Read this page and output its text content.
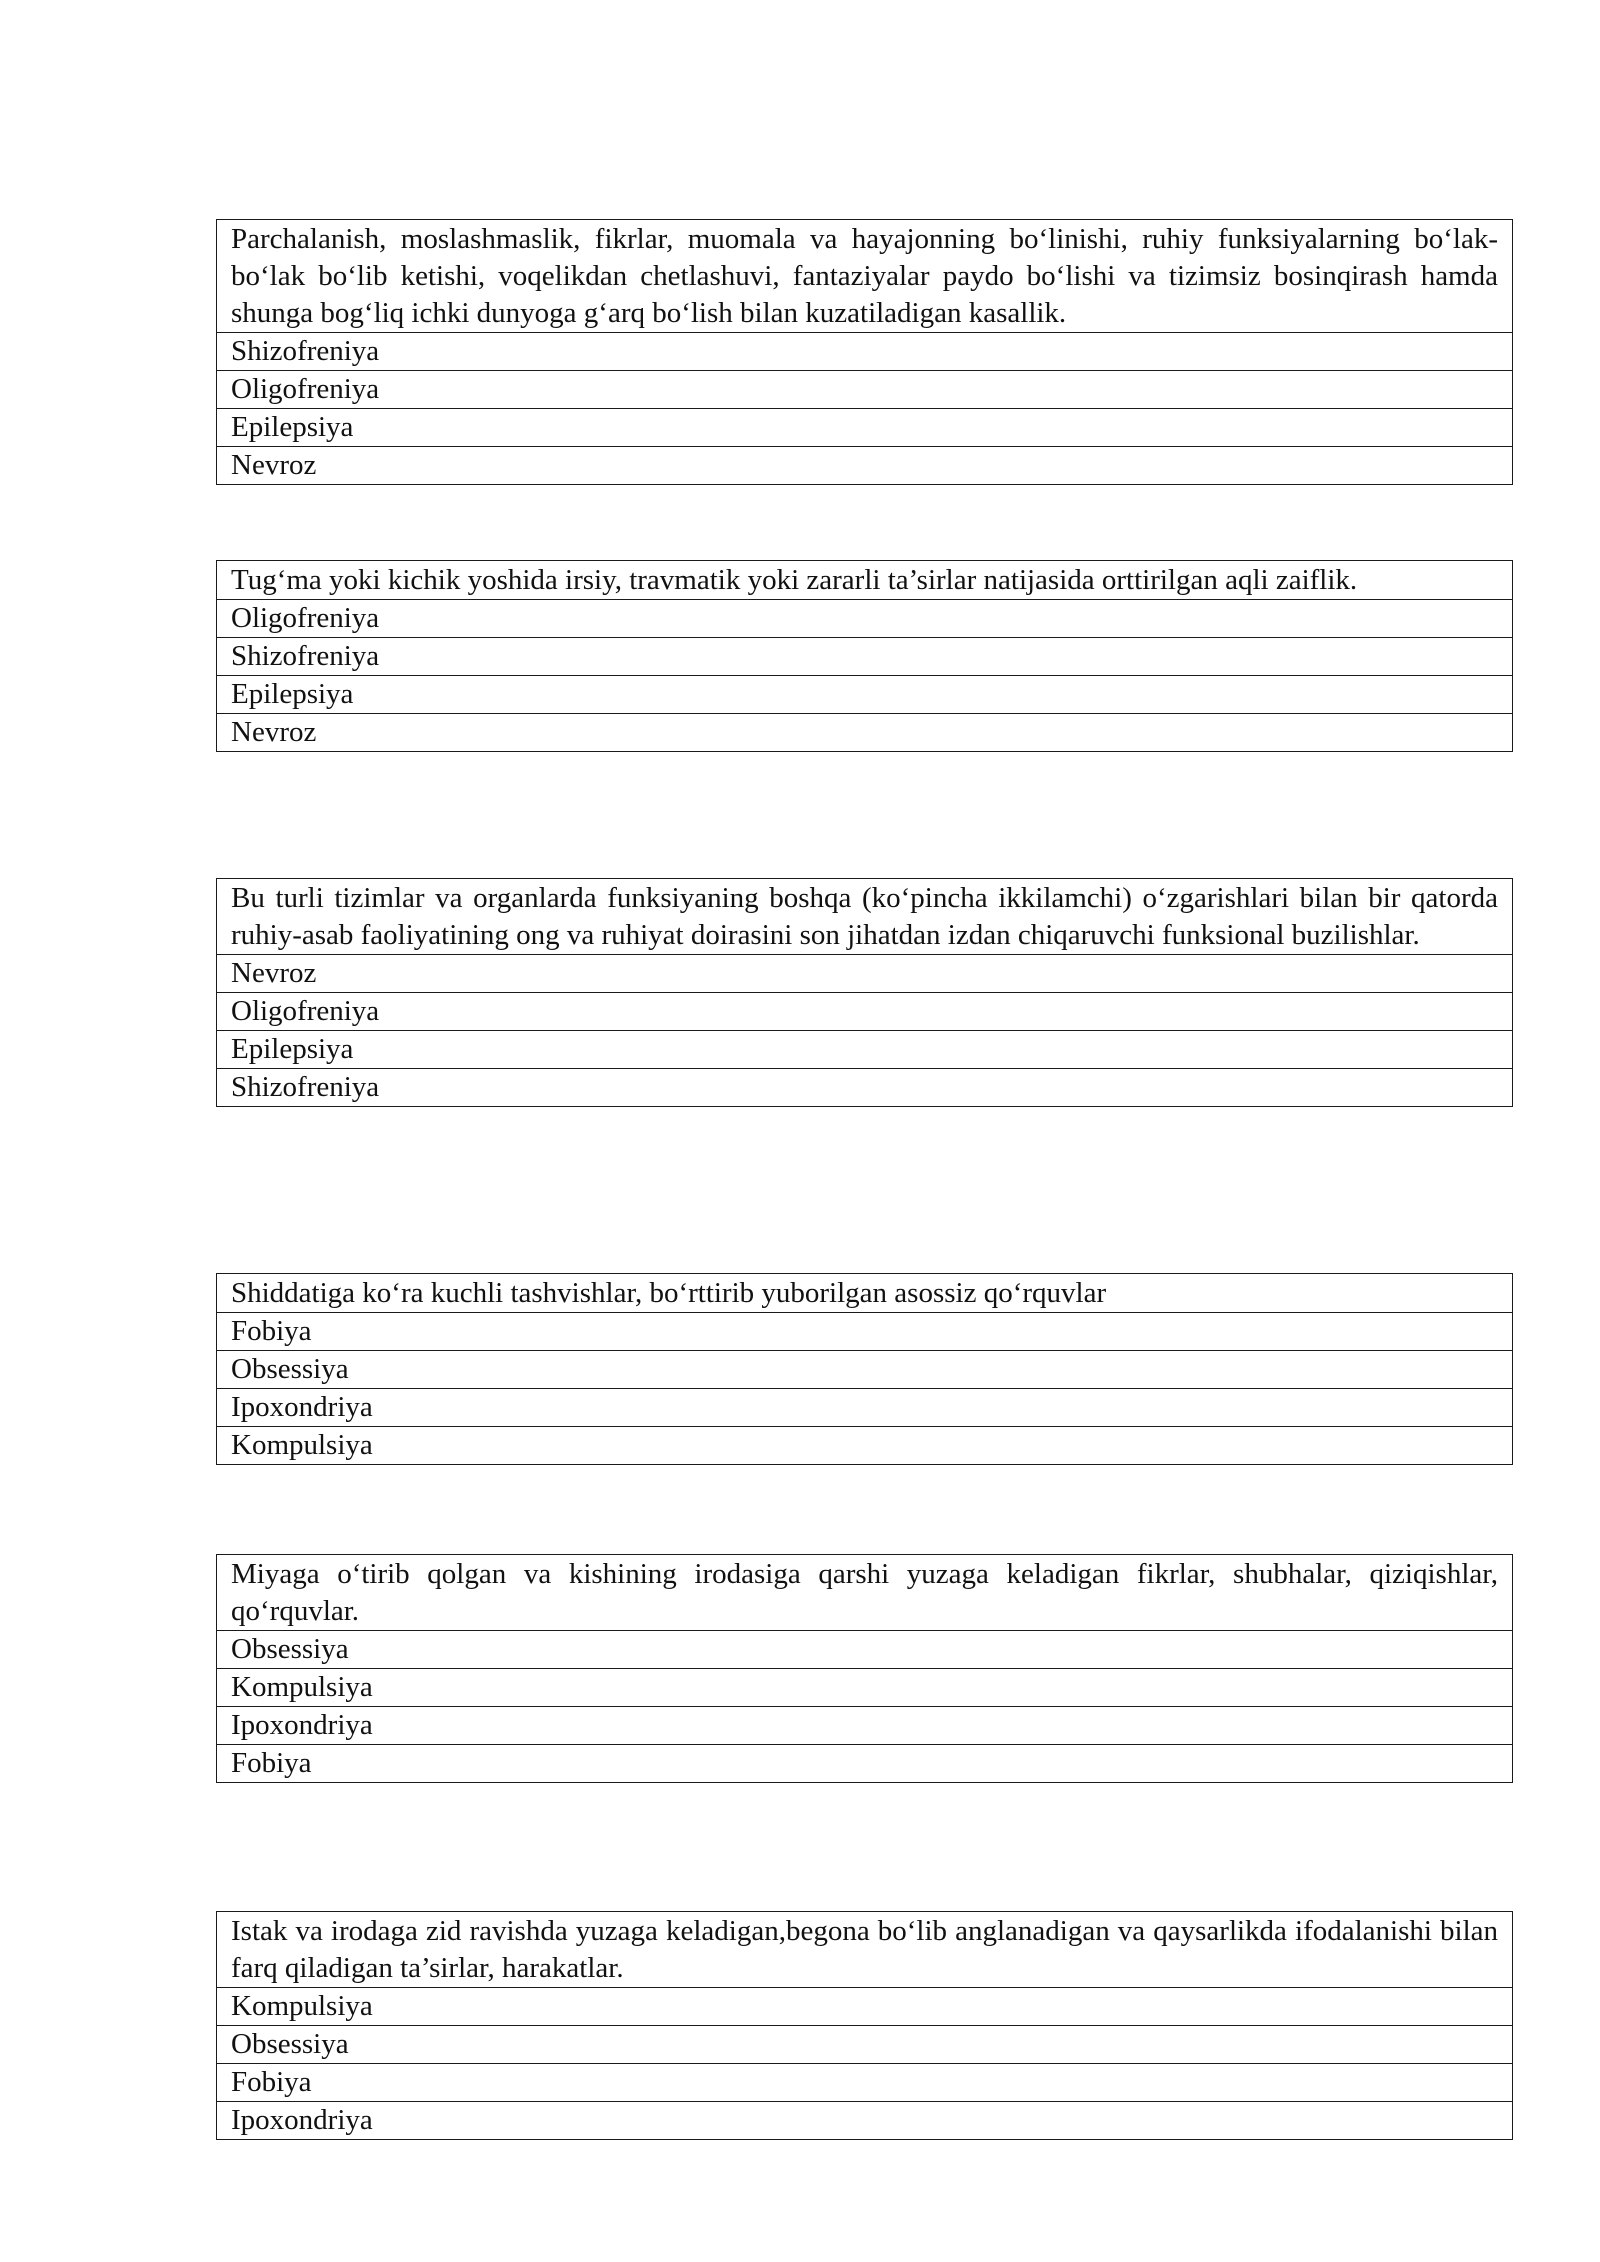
Parchalanish, moslashmaslik, fikrlar, muomala va hayajonning bo‘linishi, ruhiy funksiyalarning bo‘lak-bo‘lak bo‘lib ketishi, voqelikdan chetlashuvi, fantaziyalar paydo bo‘lishi va tizimsiz bosinqirash hamda shunga bog‘liq ichki dunyoga g‘arq bo‘lish bilan kuzatiladigan kasallik.
Shizofreniya
Oligofreniya
Epilepsiya
Nevroz
Tug‘ma yoki kichik yoshida irsiy, travmatik yoki zararli ta’sirlar natijasida orttirilgan aqli zaiflik.
Oligofreniya
Shizofreniya
Epilepsiya
Nevroz
Bu turli tizimlar va organlarda funksiyaning boshqa (ko‘pincha ikkilamchi) o‘zgarishlari bilan bir qatorda ruhiy-asab faoliyatining ong va ruhiyat doirasini son jihatdan izdan chiqaruvchi funksional buzilishlar.
Nevroz
Oligofreniya
Epilepsiya
Shizofreniya
Shiddatiga ko‘ra kuchli tashvishlar, bo‘rttirib yuborilgan asossiz qo‘rquvlar
Fobiya
Obsessiya
Ipoxondriya
Kompulsiya
Miyaga o‘tirib qolgan va kishining irodasiga qarshi yuzaga keladigan fikrlar, shubhalar, qiziqishlar, qo‘rquvlar.
Obsessiya
Kompulsiya
Ipoxondriya
Fobiya
Istak va irodaga zid ravishda yuzaga keladigan,begona bo‘lib anglanadigan va qaysarlikda ifodalanishi bilan farq qiladigan ta’sirlar, harakatlar.
Kompulsiya
Obsessiya
Fobiya
Ipoxondriya
